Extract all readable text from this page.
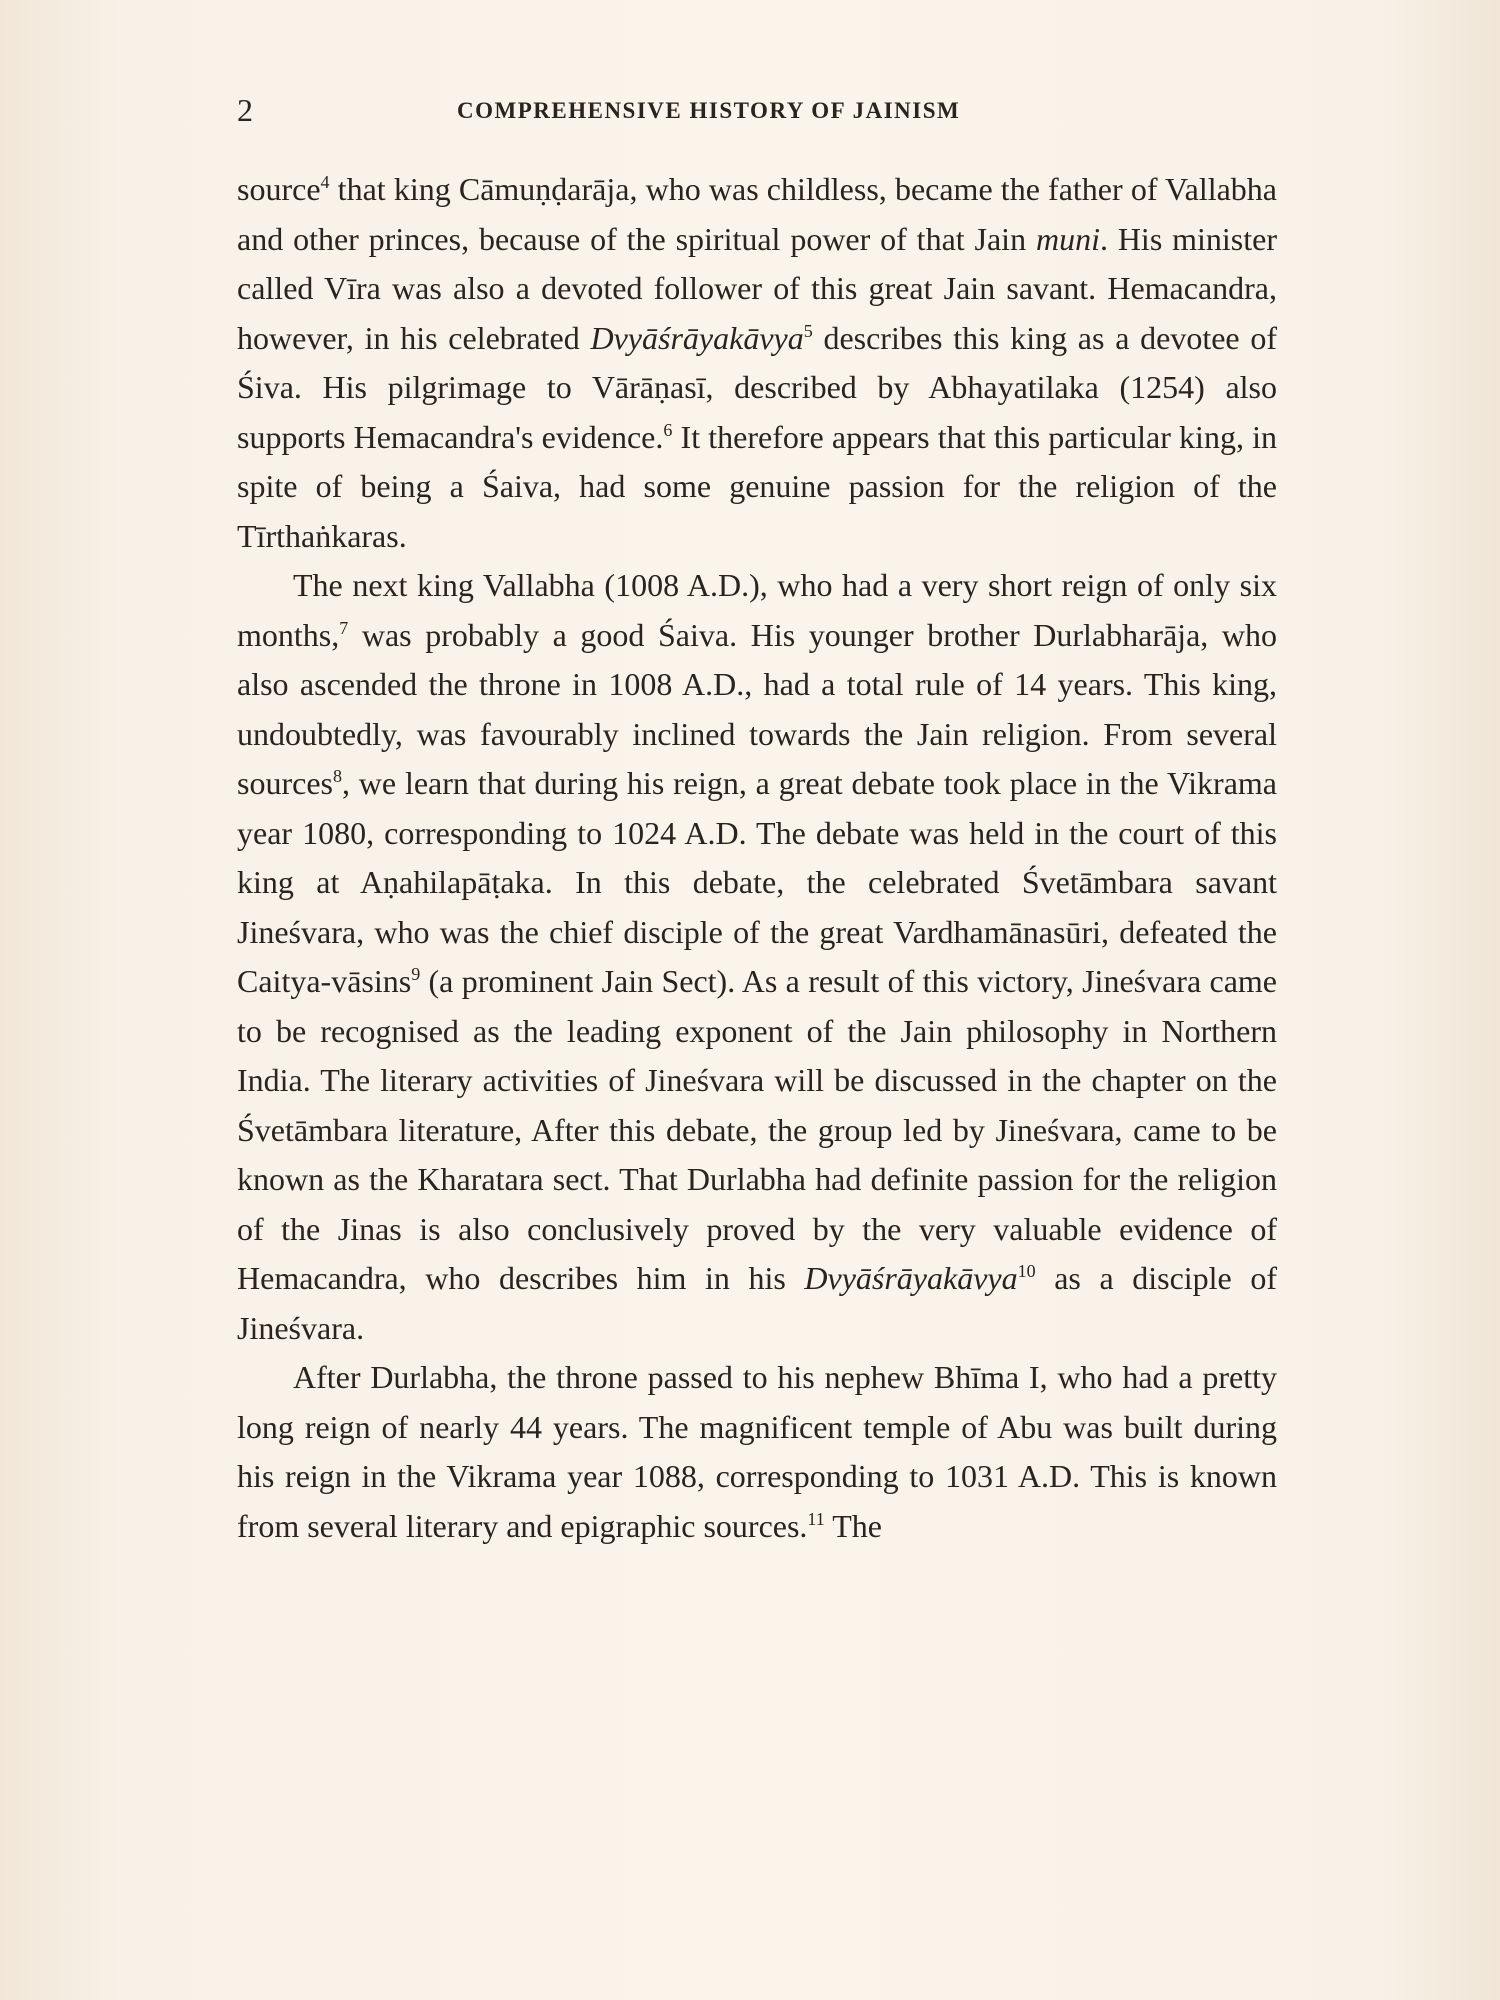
2	COMPREHENSIVE HISTORY OF JAINISM

source$^4$ that king Cāmuṇḍarāja, who was childless, became the father of Vallabha and other princes, because of the spiritual power of that Jain muni. His minister called Vīra was also a devoted follower of this great Jain savant. Hemacandra, however, in his celebrated Dvyāśrāyakāvya$^5$ describes this king as a devotee of Śiva. His pilgrimage to Vārāṇasī, described by Abhayatilaka (1254) also supports Hemacandra's evidence.$^6$ It therefore appears that this particular king, in spite of being a Śaiva, had some genuine passion for the religion of the Tīrthaṅkaras.

The next king Vallabha (1008 A.D.), who had a very short reign of only six months,$^7$ was probably a good Śaiva. His younger brother Durlabharāja, who also ascended the throne in 1008 A.D., had a total rule of 14 years. This king, undoubtedly, was favourably inclined towards the Jain religion. From several sources$^8$, we learn that during his reign, a great debate took place in the Vikrama year 1080, corresponding to 1024 A.D. The debate was held in the court of this king at Aṇahilapāṭaka. In this debate, the celebrated Śvetāmbara savant Jineśvara, who was the chief disciple of the great Vardhamānasūri, defeated the Caitya-vāsins$^9$ (a prominent Jain Sect). As a result of this victory, Jineśvara came to be recognised as the leading exponent of the Jain philosophy in Northern India. The literary activities of Jineśvara will be discussed in the chapter on the Śvetāmbara literature, After this debate, the group led by Jineśvara, came to be known as the Kharatara sect. That Durlabha had definite passion for the religion of the Jinas is also conclusively proved by the very valuable evidence of Hemacandra, who describes him in his Dvyāśrāyakāvya$^{10}$ as a disciple of Jineśvara.

After Durlabha, the throne passed to his nephew Bhīma I, who had a pretty long reign of nearly 44 years. The magnificent temple of Abu was built during his reign in the Vikrama year 1088, corresponding to 1031 A.D. This is known from several literary and epigraphic sources.$^{11}$ The
